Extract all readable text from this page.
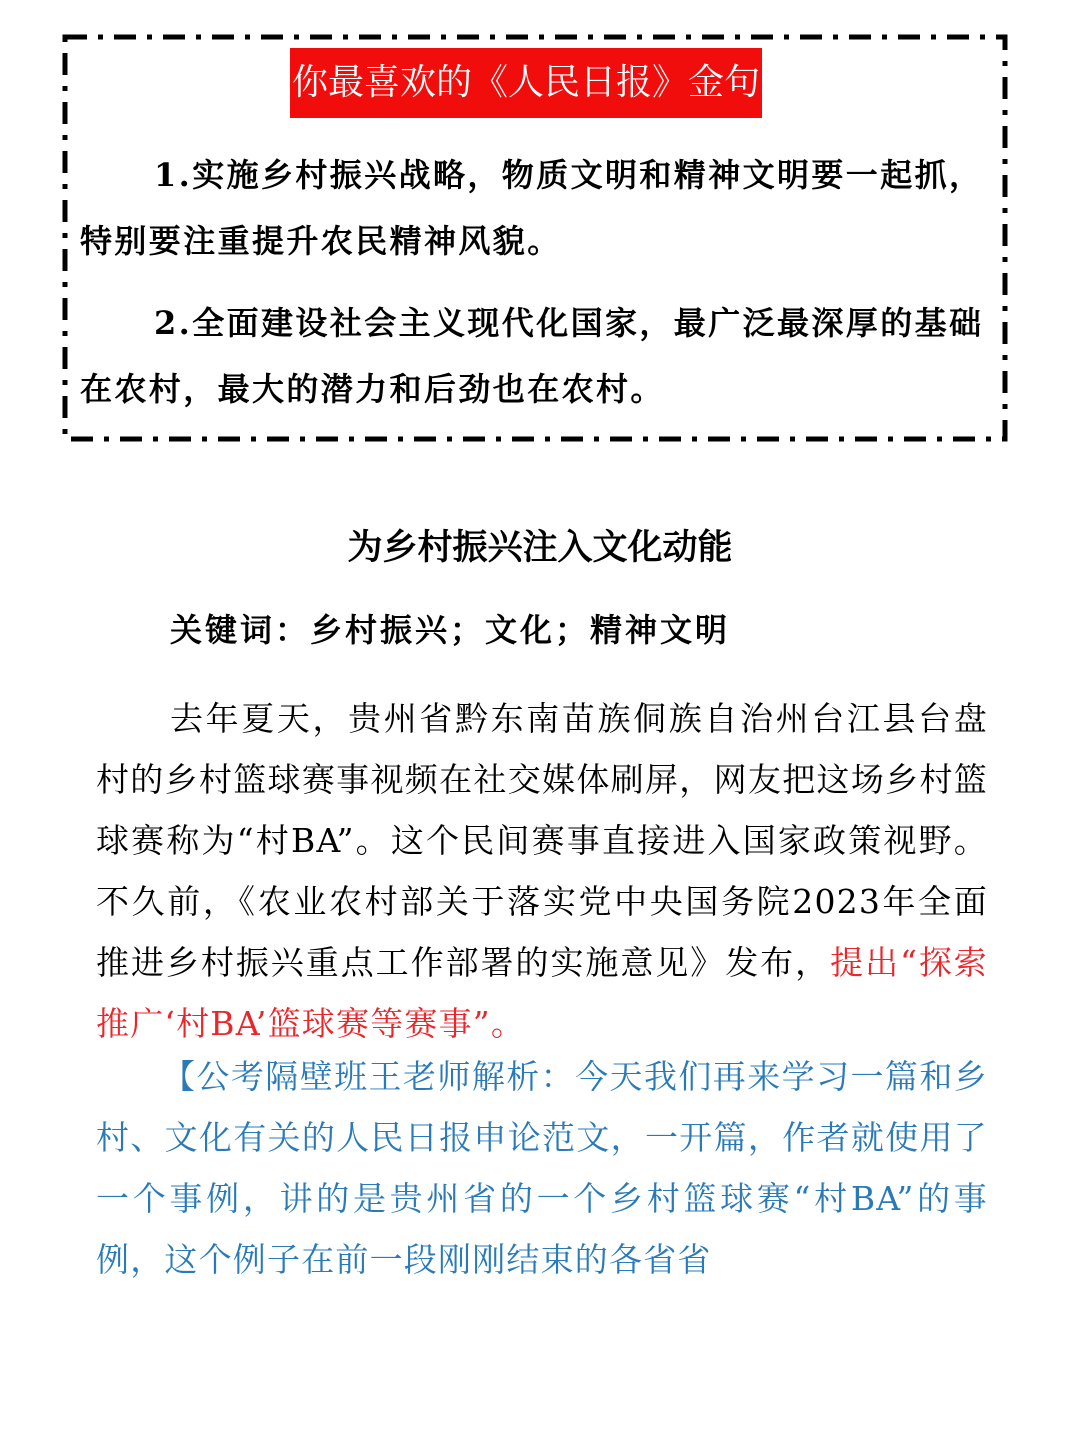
你最喜欢的《人民日报》金句

1.实施乡村振兴战略，物质文明和精神文明要一起抓，特别要注重提升农民精神风貌。

2.全面建设社会主义现代化国家，最广泛最深厚的基础在农村，最大的潜力和后劲也在农村。

为乡村振兴注入文化动能

关键词：乡村振兴；文化；精神文明

去年夏天，贵州省黔东南苗族侗族自治州台江县台盘村的乡村篮球赛事视频在社交媒体刷屏，网友把这场乡村篮球赛称为“村BA”。这个民间赛事直接进入国家政策视野。不久前，《农业农村部关于落实党中央国务院2023年全面推进乡村振兴重点工作部署的实施意见》发布，提出“探索推广‘村BA’篮球赛等赛事”。

【公考隔壁班王老师解析：今天我们再来学习一篇和乡村、文化有关的人民日报申论范文，一开篇，作者就使用了一个事例，讲的是贵州省的一个乡村篮球赛“村BA”的事例，这个例子在前一段刚刚结束的各省省
